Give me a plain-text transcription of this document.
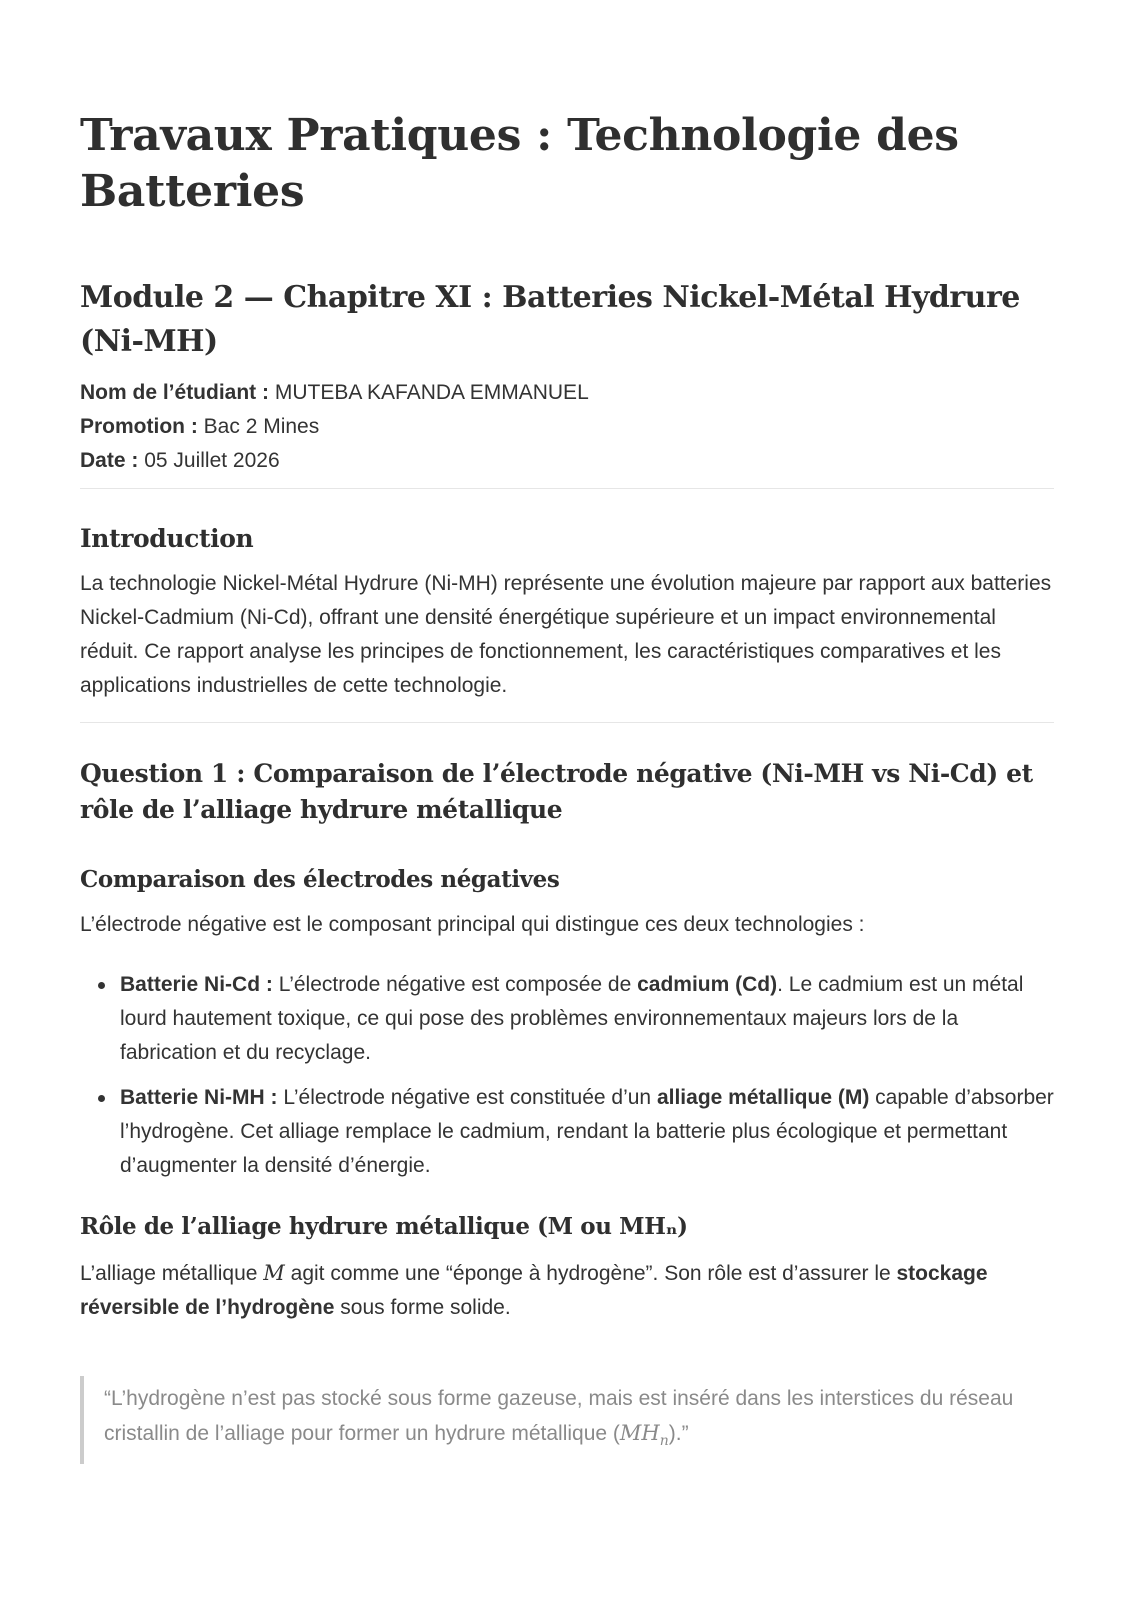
Travaux Pratiques : Technologie des Batteries
Module 2 — Chapitre XI : Batteries Nickel-Métal Hydrure (Ni-MH)
Nom de l’étudiant : MUTEBA KAFANDA EMMANUEL
Promotion : Bac 2 Mines
Date : 05 Juillet 2026
Introduction

La technologie Nickel-Métal Hydrure (Ni-MH) représente une évolution majeure par rapport aux batteries Nickel-Cadmium (Ni-Cd), offrant une densité énergétique supérieure et un impact environnemental réduit. Ce rapport analyse les principes de fonctionnement, les caractéristiques comparatives et les applications industrielles de cette technologie.

Question 1 : Comparaison de l’électrode négative (Ni-MH vs Ni-Cd) et rôle de l’alliage hydrure métallique
Comparaison des électrodes négatives

L’électrode négative est le composant principal qui distingue ces deux technologies :

Batterie Ni-Cd : L’électrode négative est composée de cadmium (Cd). Le cadmium est un métal lourd hautement toxique, ce qui pose des problèmes environnementaux majeurs lors de la fabrication et du recyclage.
Batterie Ni-MH : L’électrode négative est constituée d’un alliage métallique (M) capable d’absorber l’hydrogène. Cet alliage remplace le cadmium, rendant la batterie plus écologique et permettant d’augmenter la densité d’énergie.
Rôle de l’alliage hydrure métallique (M ou MHₙ)

L’alliage métallique M agit comme une “éponge à hydrogène”. Son rôle est d’assurer le stockage réversible de l’hydrogène sous forme solide.

“L’hydrogène n’est pas stocké sous forme gazeuse, mais est inséré dans les interstices du réseau cristallin de l’alliage pour former un hydrure métallique $(MH_n)$.”
